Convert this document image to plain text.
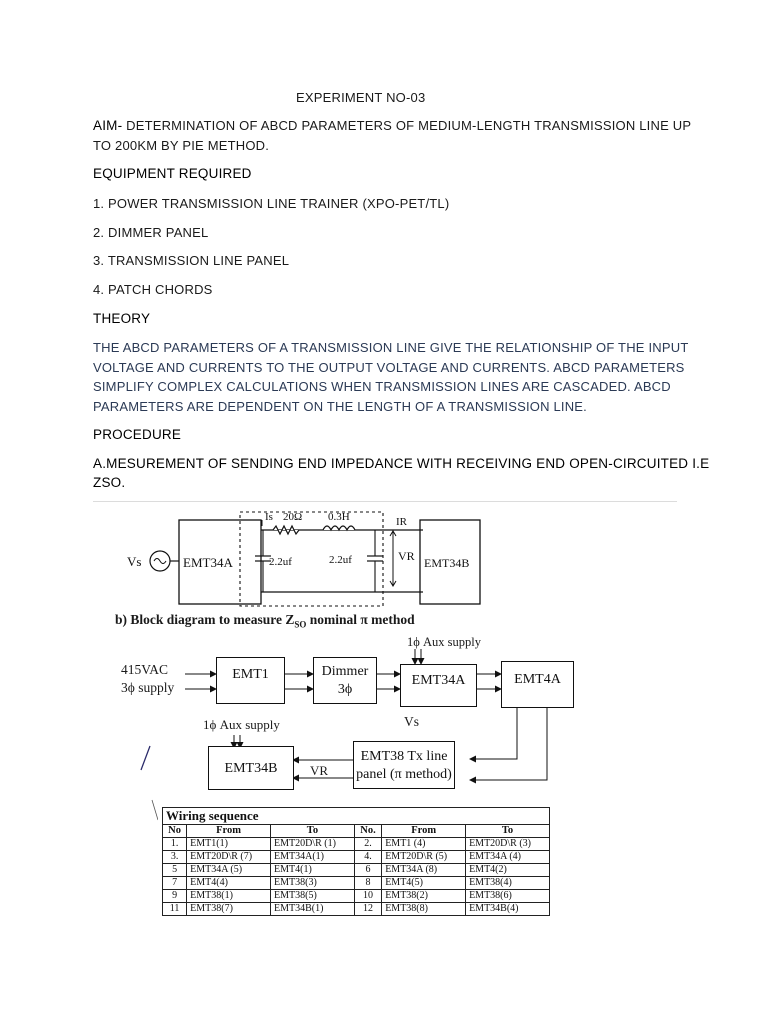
EXPERIMENT NO-03
AIM- DETERMINATION OF ABCD PARAMETERS OF MEDIUM-LENGTH TRANSMISSION LINE UP
TO 200KM BY PIE METHOD.
EQUIPMENT REQUIRED
1. POWER TRANSMISSION LINE TRAINER (XPO-PET/TL)
2. DIMMER PANEL
3. TRANSMISSION LINE PANEL
4. PATCH CHORDS
THEORY
THE ABCD PARAMETERS OF A TRANSMISSION LINE GIVE THE RELATIONSHIP OF THE INPUT
VOLTAGE AND CURRENTS TO THE OUTPUT VOLTAGE AND CURRENTS. ABCD PARAMETERS
SIMPLIFY COMPLEX CALCULATIONS WHEN TRANSMISSION LINES ARE CASCADED. ABCD
PARAMETERS ARE DEPENDENT ON THE LENGTH OF A TRANSMISSION LINE.
PROCEDURE
A.MESUREMENT OF SENDING END IMPEDANCE WITH RECEIVING END OPEN-CIRCUITED I.E
ZSO.
EMT34A
Vs
Is 20Ω 0.3H
2.2uf	2.2uf
IR
VR EMT34B
b) Block diagram to measure $Z_{SO}$ nominal π method
1ϕ Aux supply
415VAC
3ϕ supply
EMT1	Dimmer
3ϕ
EMT34A	EMT4A
Vs
1ϕ Aux supply
EMT34B	VR
EMT38 Tx line
panel (π method)
Wiring sequence					
No	From	To	No.	From	To
1.	EMT1(1)	EMT20D\R (1)	2.	EMT1 (4)	EMT20D\R (3)
3.	EMT20D\R (7)	EMT34A(1)	4.	EMT20D\R (5)	EMT34A (4)
5	EMT34A (5)	EMT4(1)	6	EMT34A (8)	EMT4(2)
7	EMT4(4)	EMT38(3)	8	EMT4(5)	EMT38(4)
9	EMT38(1)	EMT38(5)	10	EMT38(2)	EMT38(6)
11	EMT38(7)	EMT34B(1)	12	EMT38(8)	EMT34B(4)
